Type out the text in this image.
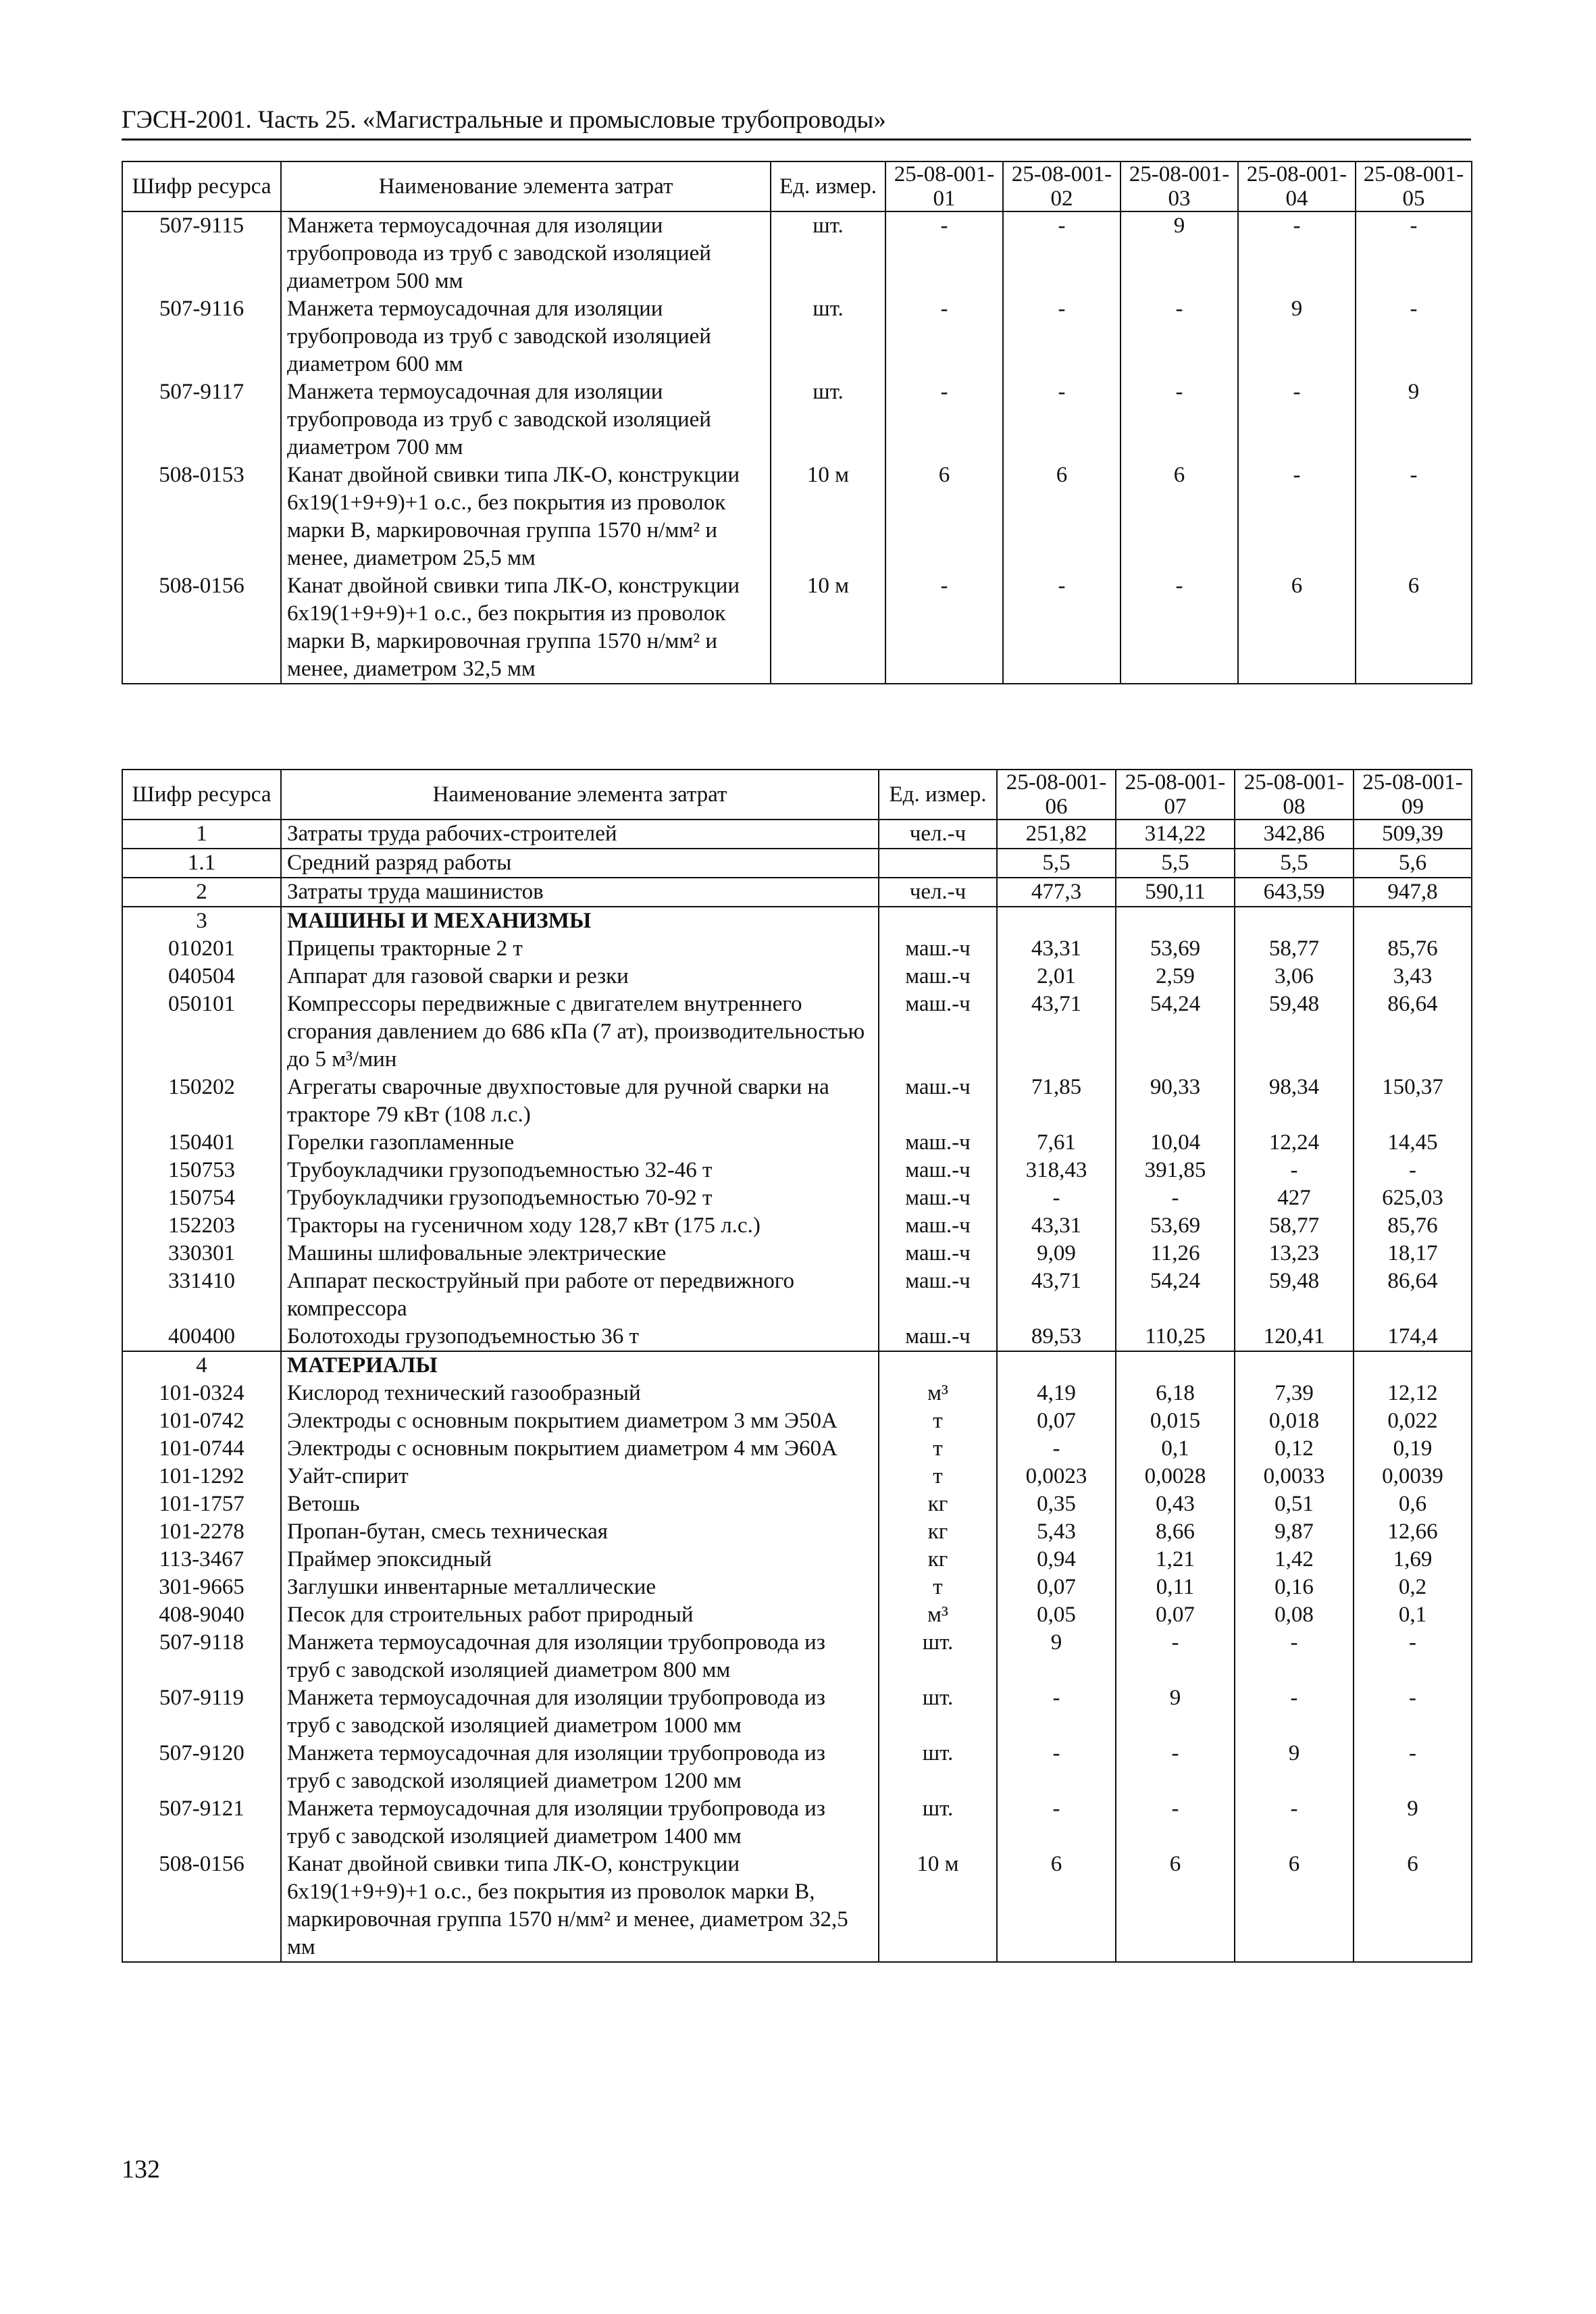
ГЭСН-2001. Часть 25. «Магистральные и промысловые трубопроводы»
Шифр ресурса	Наименование элемента затрат	Ед. измер.	25-08-001-01	25-08-001-02	25-08-001-03	25-08-001-04	25-08-001-05
507-9115	Манжета термоусадочная для изоляции трубопровода из труб с заводской изоляцией диаметром 500 мм	шт.	-	-	9	-	-
507-9116	Манжета термоусадочная для изоляции трубопровода из труб с заводской изоляцией диаметром 600 мм	шт.	-	-	-	9	-
507-9117	Манжета термоусадочная для изоляции трубопровода из труб с заводской изоляцией диаметром 700 мм	шт.	-	-	-	-	9
508-0153	Канат двойной свивки типа ЛК-О, конструкции 6х19(1+9+9)+1 о.с., без покрытия из проволок марки В, маркировочная группа 1570 н/мм² и менее, диаметром 25,5 мм	10 м	6	6	6	-	-
508-0156	Канат двойной свивки типа ЛК-О, конструкции 6х19(1+9+9)+1 о.с., без покрытия из проволок марки В, маркировочная группа 1570 н/мм² и менее, диаметром 32,5 мм	10 м	-	-	-	6	6
Шифр ресурса	Наименование элемента затрат	Ед. измер.	25-08-001-06	25-08-001-07	25-08-001-08	25-08-001-09
1	Затраты труда рабочих-строителей	чел.-ч	251,82	314,22	342,86	509,39
1.1	Средний разряд работы		5,5	5,5	5,5	5,6
2	Затраты труда машинистов	чел.-ч	477,3	590,11	643,59	947,8
3	МАШИНЫ И МЕХАНИЗМЫ					
010201	Прицепы тракторные 2 т	маш.-ч	43,31	53,69	58,77	85,76
040504	Аппарат для газовой сварки и резки	маш.-ч	2,01	2,59	3,06	3,43
050101	Компрессоры передвижные с двигателем внутреннего сгорания давлением до 686 кПа (7 ат), производительностью до 5 м³/мин	маш.-ч	43,71	54,24	59,48	86,64
150202	Агрегаты сварочные двухпостовые для ручной сварки на тракторе 79 кВт (108 л.с.)	маш.-ч	71,85	90,33	98,34	150,37
150401	Горелки газопламенные	маш.-ч	7,61	10,04	12,24	14,45
150753	Трубоукладчики грузоподъемностью 32-46 т	маш.-ч	318,43	391,85	-	-
150754	Трубоукладчики грузоподъемностью 70-92 т	маш.-ч	-	-	427	625,03
152203	Тракторы на гусеничном ходу 128,7 кВт (175 л.с.)	маш.-ч	43,31	53,69	58,77	85,76
330301	Машины шлифовальные электрические	маш.-ч	9,09	11,26	13,23	18,17
331410	Аппарат пескоструйный при работе от передвижного компрессора	маш.-ч	43,71	54,24	59,48	86,64
400400	Болотоходы грузоподъемностью 36 т	маш.-ч	89,53	110,25	120,41	174,4
4	МАТЕРИАЛЫ					
101-0324	Кислород технический газообразный	м³	4,19	6,18	7,39	12,12
101-0742	Электроды с основным покрытием диаметром 3 мм Э50А	т	0,07	0,015	0,018	0,022
101-0744	Электроды с основным покрытием диаметром 4 мм Э60А	т	-	0,1	0,12	0,19
101-1292	Уайт-спирит	т	0,0023	0,0028	0,0033	0,0039
101-1757	Ветошь	кг	0,35	0,43	0,51	0,6
101-2278	Пропан-бутан, смесь техническая	кг	5,43	8,66	9,87	12,66
113-3467	Праймер эпоксидный	кг	0,94	1,21	1,42	1,69
301-9665	Заглушки инвентарные металлические	т	0,07	0,11	0,16	0,2
408-9040	Песок для строительных работ природный	м³	0,05	0,07	0,08	0,1
507-9118	Манжета термоусадочная для изоляции трубопровода из труб с заводской изоляцией диаметром 800 мм	шт.	9	-	-	-
507-9119	Манжета термоусадочная для изоляции трубопровода из труб с заводской изоляцией диаметром 1000 мм	шт.	-	9	-	-
507-9120	Манжета термоусадочная для изоляции трубопровода из труб с заводской изоляцией диаметром 1200 мм	шт.	-	-	9	-
507-9121	Манжета термоусадочная для изоляции трубопровода из труб с заводской изоляцией диаметром 1400 мм	шт.	-	-	-	9
508-0156	Канат двойной свивки типа ЛК-О, конструкции 6х19(1+9+9)+1 о.с., без покрытия из проволок марки В, маркировочная группа 1570 н/мм² и менее, диаметром 32,5 мм	10 м	6	6	6	6
132
